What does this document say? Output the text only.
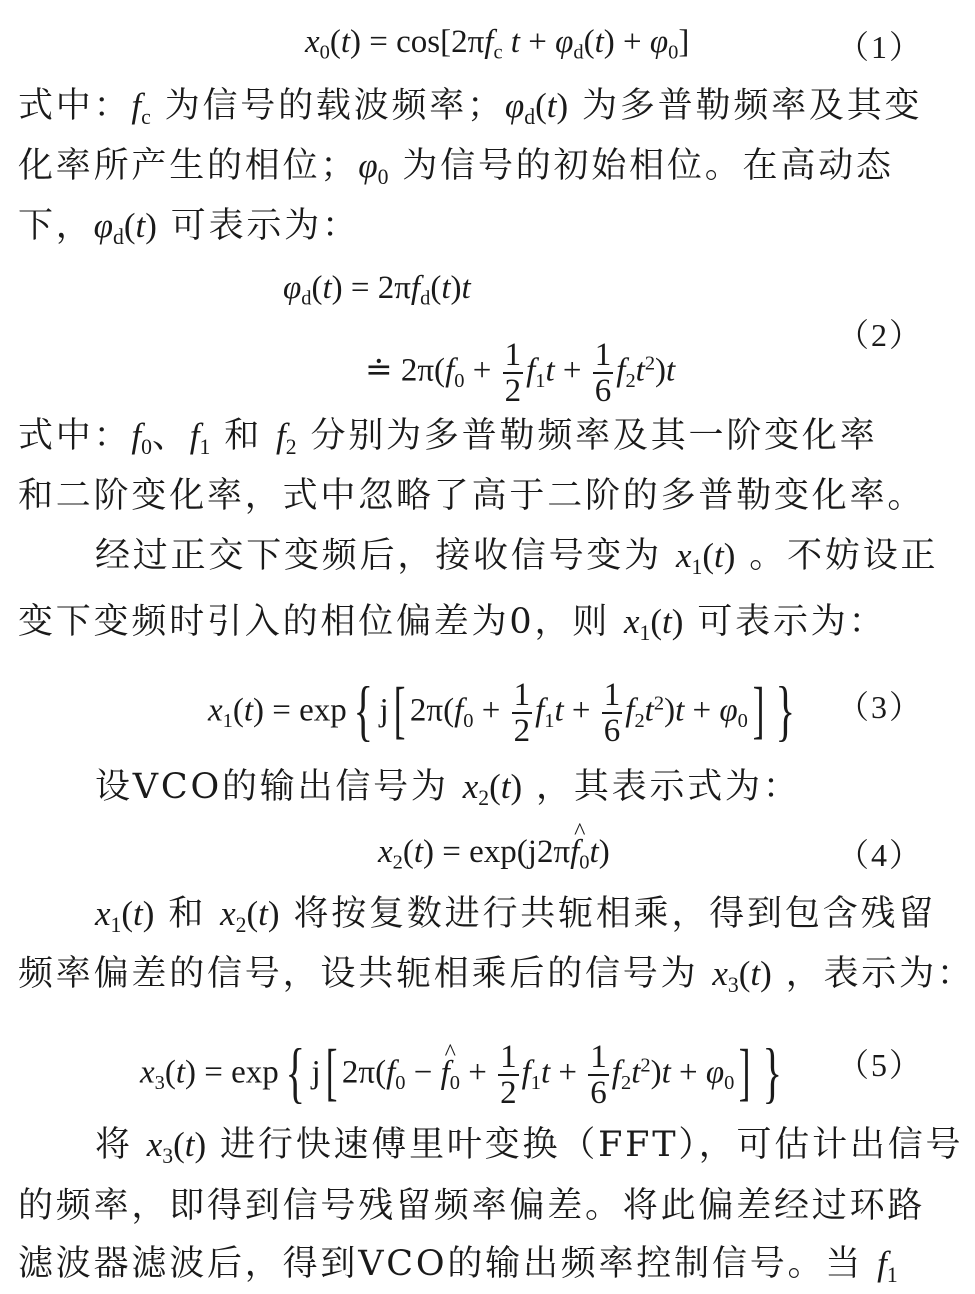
$x_0(t) = \cos[2\pi f_c$ $t + \varphi_d(t) + \varphi_0$]	（1）
式中：$f_c$ 为信号的载波频率；$\varphi_d(t)$ 为多普勒频率及其变
化率所产生的相位；$\varphi_0$ 为信号的初始相位。在高动态
下，$\varphi_d(t)$ 可表示为：
$\varphi_d(t) = 2\pi f_d(t)t$
≐ $2\pi(f_0 + \frac{1}{2} f_1t + \frac{1}{6} f_2t^2)t$
（2）
式中：$f_0$、$f_1$ 和 $f_2$ 分别为多普勒频率及其一阶变化率
和二阶变化率，式中忽略了高于二阶的多普勒变化率。
经过正交下变频后，接收信号变为 $x_1(t)$ 。不妨设正
变下变频时引入的相位偏差为0，则 $x_1(t)$ 可表示为：
$x_1(t) = \exp${ j[ $2\pi(f_0 + \frac{1}{2} f_1t + \frac{1}{6} f_2t^2)t + \varphi_0$] } （3）
设VCO的输出信号为 $x_2(t)$ ，其表示式为：
$x_2(t)$ = exp(j2π^ $f_0t$)	（4）
$x_1(t)$ 和 $x_2(t)$ 将按复数进行共轭相乘，得到包含残留
频率偏差的信号，设共轭相乘后的信号为 $x_3(t)$ ，表示为：
$x_3(t) = \exp${ j[ $2\pi(f_0$ − ^ $f_0 + \frac{1}{2} f_1t + \frac{1}{6} f_2t^2)t + \varphi_0$] } （5）
将 $x_3(t)$ 进行快速傅里叶变换（FFT），可估计出信号
的频率，即得到信号残留频率偏差。将此偏差经过环路
滤波器滤波后，得到VCO的输出频率控制信号。当 $f_1$
